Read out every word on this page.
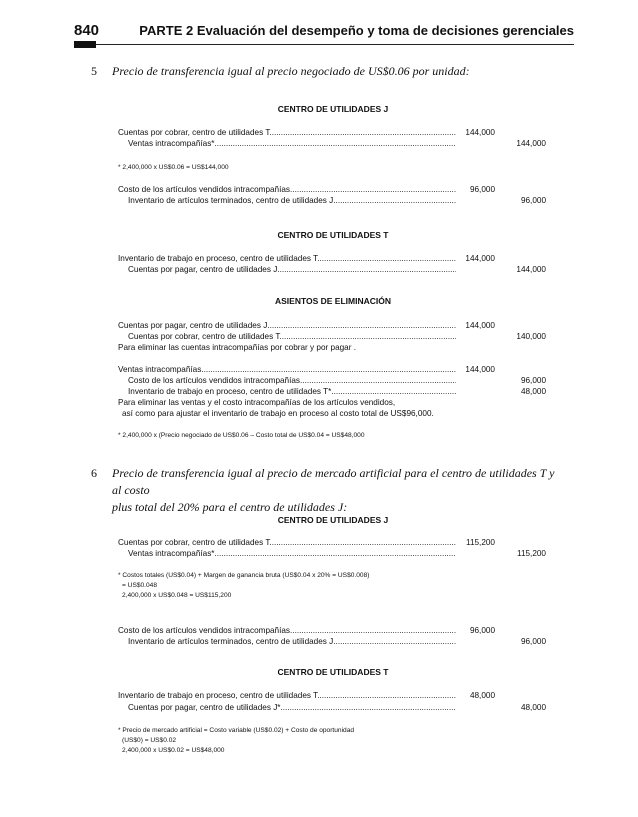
840	PARTE 2 Evaluación del desempeño y toma de decisiones gerenciales
5 Precio de transferencia igual al precio negociado de US$0.06 por unidad:
CENTRO DE UTILIDADES J
Cuentas por cobrar, centro de utilidades T .....	144,000
Ventas intracompañías* .....	144,000
* 2,400,000 x US$0.06 = US$144,000
Costo de los artículos vendidos intracompañías .....	96,000
Inventario de artículos terminados, centro de utilidades J .....	96,000
CENTRO DE UTILIDADES T
Inventario de trabajo en proceso, centro de utilidades T .....	144,000
Cuentas por pagar, centro de utilidades J .....	144,000
ASIENTOS DE ELIMINACIÓN
Cuentas por pagar, centro de utilidades J .....	144,000
Cuentas por cobrar, centro de utilidades T .....	140,000
Para eliminar las cuentas intracompañías por cobrar y por pagar .
Ventas intracompañías .....	144,000
Costo de los artículos vendidos intracompañías .....	96,000
Inventario de trabajo en proceso, centro de utilidades T* .....	48,000
Para eliminar las ventas y el costo intracompañías de los artículos vendidos,
así como para ajustar el inventario de trabajo en proceso al costo total de US$96,000.
* 2,400,000 x (Precio negociado de US$0.06 – Costo total de US$0.04 = US$48,000
6 Precio de transferencia igual al precio de mercado artificial para el centro de utilidades T y al costo
plus total del 20% para el centro de utilidades J:
CENTRO DE UTILIDADES J
Cuentas por cobrar, centro de utilidades T .....	115,200
Ventas intracompañías* .....	115,200
* Costos totales (US$0.04) + Margen de ganancia bruta (US$0.04 x 20% = US$0.008)
= US$0.048
2,400,000 x US$0.048 = US$115,200
Costo de los artículos vendidos intracompañías .....	96,000
Inventario de artículos terminados, centro de utilidades J .....	96,000
CENTRO DE UTILIDADES T
Inventario de trabajo en proceso, centro de utilidades T .....	48,000
Cuentas por pagar, centro de utilidades J* .....	48,000
* Precio de mercado artificial = Costo variable (US$0.02) + Costo de oportunidad
(US$0) = US$0.02
2,400,000 x US$0.02 = US$48,000
